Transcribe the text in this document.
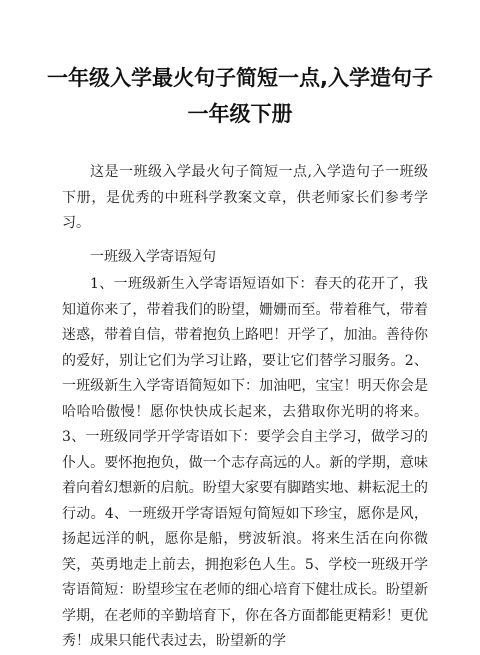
一年级入学最火句子简短一点,入学造句子
一年级下册

这是一班级入学最火句子简短一点,入学造句子一班级下册，是优秀的中班科学教案文章，供老师家长们参考学习。

一班级入学寄语短句

1、一班级新生入学寄语短语如下：春天的花开了，我知道你来了，带着我们的盼望，姗姗而至。带着稚气，带着迷惑，带着自信，带着抱负上路吧！开学了，加油。善待你的爱好，别让它们为学习让路，要让它们替学习服务。2、一班级新生入学寄语简短如下：加油吧，宝宝！明天你会是哈哈哈傲慢！愿你快快成长起来，去猎取你光明的将来。3、一班级同学开学寄语如下：要学会自主学习，做学习的仆人。要怀抱抱负，做一个志存高远的人。新的学期，意味着向着幻想新的启航。盼望大家要有脚踏实地、耕耘泥土的行动。4、一班级开学寄语短句简短如下珍宝，愿你是风，扬起远洋的帆，愿你是船，劈波斩浪。将来生活在向你微笑，英勇地走上前去，拥抱彩色人生。5、学校一班级开学寄语简短：盼望珍宝在老师的细心培育下健壮成长。盼望新学期，在老师的辛勤培育下，你在各方面都能更精彩！更优秀！成果只能代表过去，盼望新的学
